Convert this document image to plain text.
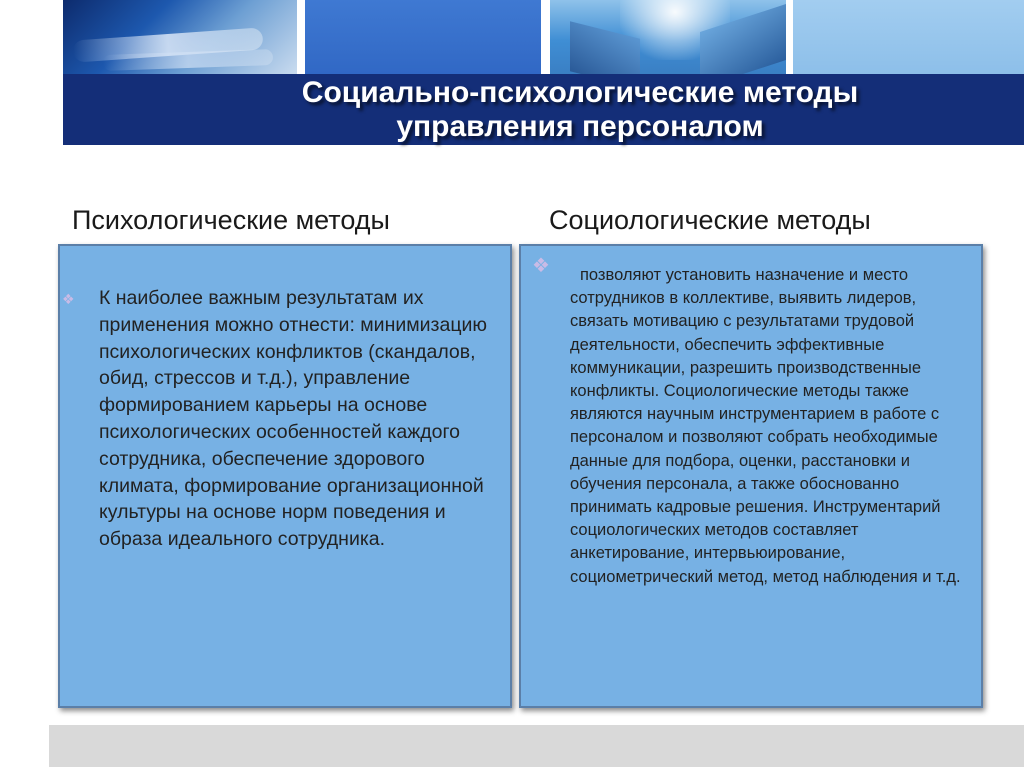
Социально-психологические методы
управления персоналом
Психологические методы	Социологические методы
❖ К наиболее важным результатам их применения можно отнести: минимизацию психологических конфликтов (скандалов, обид, стрессов и т.д.), управление формированием карьеры на основе психологических особенностей каждого сотрудника, обеспечение здорового климата, формирование организационной культуры на основе норм поведения и образа идеального сотрудника.

❖	позволяют установить назначение и место сотрудников в коллективе, выявить лидеров, связать мотивацию с результатами трудовой деятельности, обеспечить эффективные коммуникации, разрешить производственные конфликты. Социологические методы также являются научным инструментарием в работе с персоналом и позволяют собрать необходимые данные для подбора, оценки, расстановки и обучения персонала, а также обоснованно принимать кадровые решения. Инструментарий социологических методов составляет анкетирование, интервьюирование, социометрический метод, метод наблюдения и т.д.
